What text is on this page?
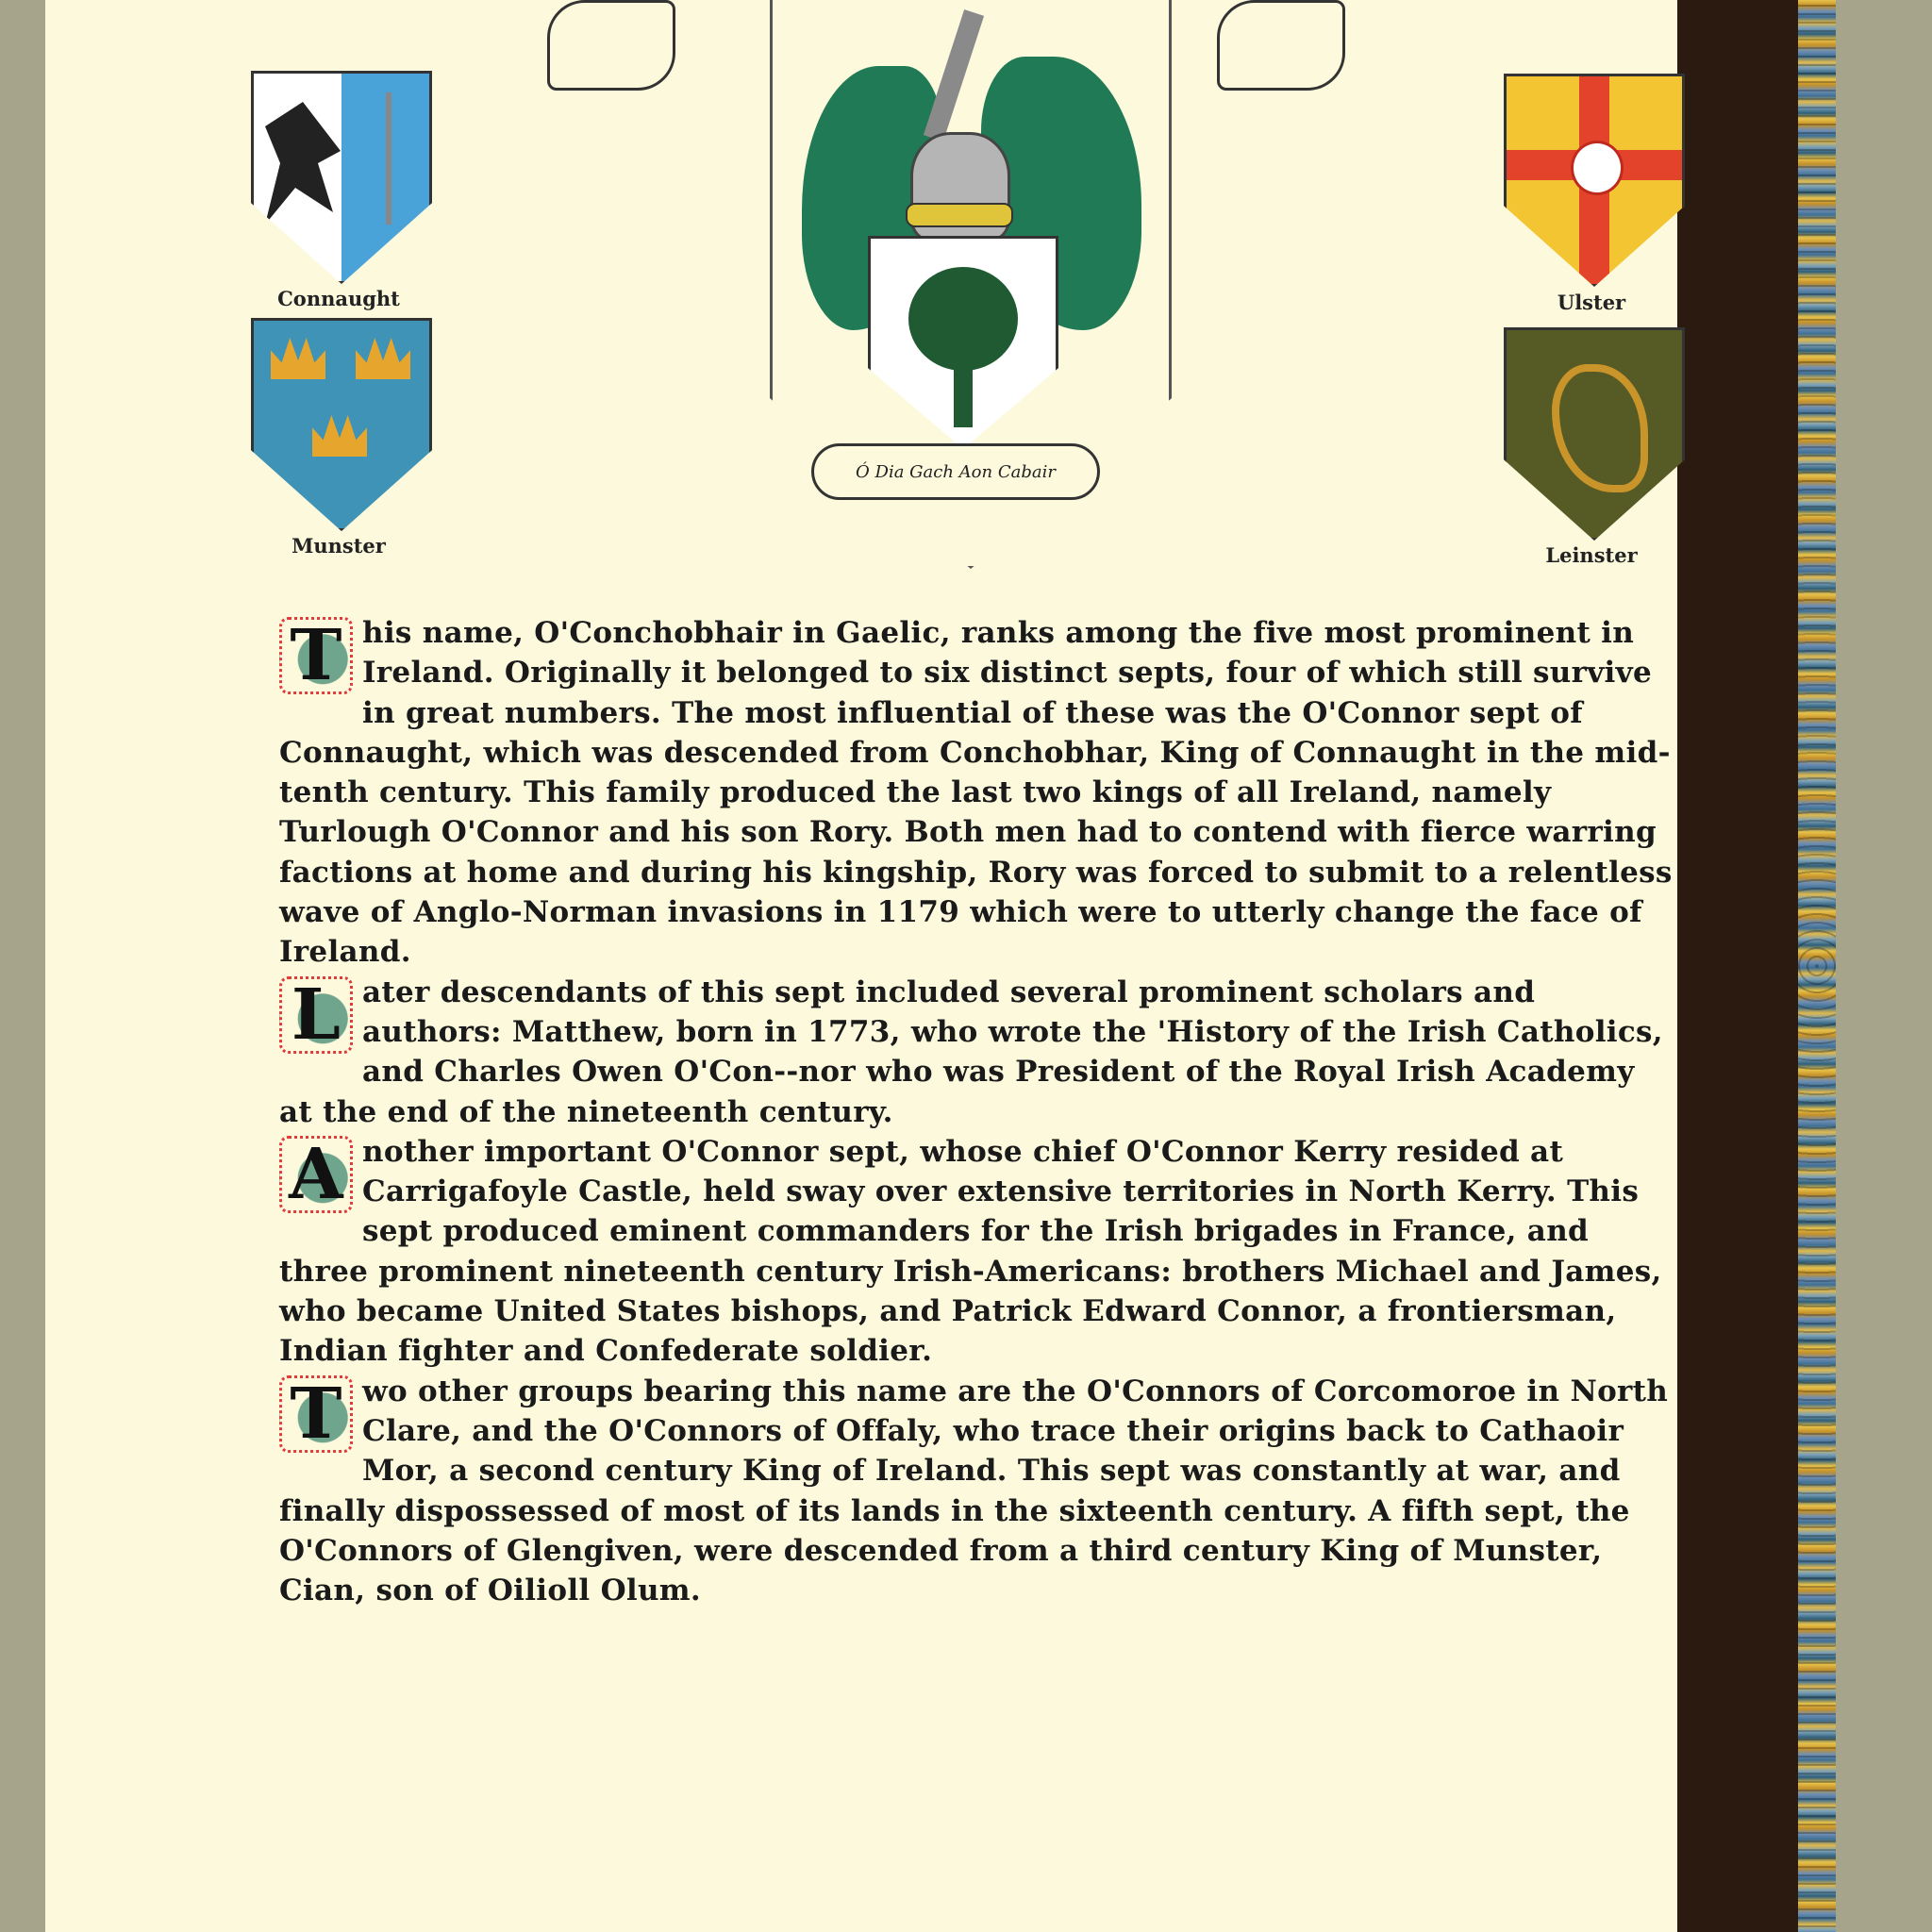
Connaught
Munster
Ulster
Leinster
Ó Dia Gach Aon Cabair

T his name, O'Conchobhair in Gaelic, ranks among the five most prominent in Ireland. Originally it belonged to six distinct septs, four of which still survive in great numbers. The most influential of these was the O'Connor sept of Connaught, which was descended from Conchobhar, King of Connaught in the mid-tenth century. This family produced the last two kings of all Ireland, namely Turlough O'Connor and his son Rory. Both men had to contend with fierce warring factions at home and during his kingship, Rory was forced to submit to a relentless wave of Anglo-Norman invasions in 1179 which were to utterly change the face of Ireland.

L ater descendants of this sept included several prominent scholars and authors: Matthew, born in 1773, who wrote the 'History of the Irish Catholics, and Charles Owen O'Con--nor who was President of the Royal Irish Academy at the end of the nineteenth century.

A nother important O'Connor sept, whose chief O'Connor Kerry resided at Carrigafoyle Castle, held sway over extensive territories in North Kerry. This sept produced eminent commanders for the Irish brigades in France, and three prominent nineteenth century Irish-Americans: brothers Michael and James, who became United States bishops, and Patrick Edward Connor, a frontiersman, Indian fighter and Confederate soldier.

T wo other groups bearing this name are the O'Connors of Corcomoroe in North Clare, and the O'Connors of Offaly, who trace their origins back to Cathaoir Mor, a second century King of Ireland. This sept was constantly at war, and finally dispossessed of most of its lands in the sixteenth century. A fifth sept, the O'Connors of Glengiven, were descended from a third century King of Munster, Cian, son of Oilioll Olum.
